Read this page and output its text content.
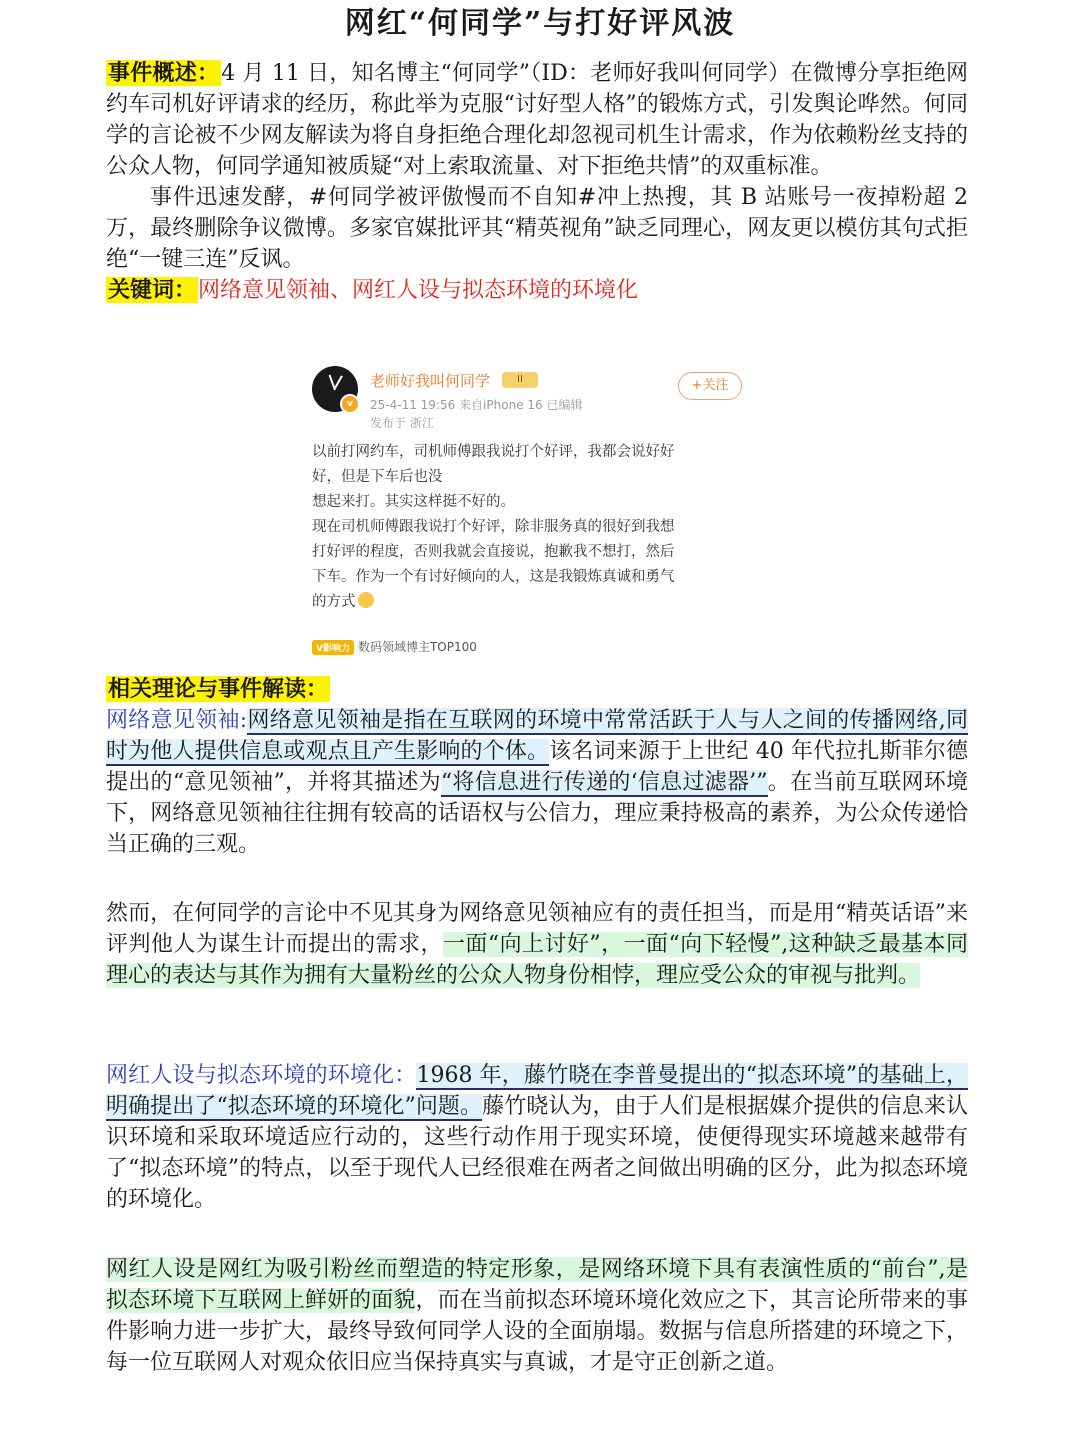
网红“何同学”与打好评风波

事件概述：4 月 11 日，知名博主“何同学”（ID：老师好我叫何同学）在微博分享拒绝网约车司机好评请求的经历，称此举为克服“讨好型人格”的锻炼方式，引发舆论哗然。何同学的言论被不少网友解读为将自身拒绝合理化却忽视司机生计需求，作为依赖粉丝支持的公众人物，何同学通知被质疑“对上索取流量、对下拒绝共情”的双重标准。

事件迅速发酵，#何同学被评傲慢而不自知#冲上热搜，其 B 站账号一夜掉粉超 2 万，最终删除争议微博。多家官媒批评其“精英视角”缺乏同理心，网友更以模仿其句式拒绝“一键三连”反讽。

关键词：网络意见领袖、网红人设与拟态环境的环境化

v
老师好我叫何同学	II	+关注
25-4-11 19:56 来自iPhone 16 已编辑
发布于 浙江
以前打网约车，司机师傅跟我说打个好评，我都会说好好
好，但是下车后也没
想起来打。其实这样挺不好的。
现在司机师傅跟我说打个好评，除非服务真的很好到我想
打好评的程度，否则我就会直接说，抱歉我不想打，然后
下车。作为一个有讨好倾向的人，这是我锻炼真诚和勇气
的方式
V影响力 数码领域博主TOP100

相关理论与事件解读：

网络意见领袖:网络意见领袖是指在互联网的环境中常常活跃于人与人之间的传播网络,同时为他人提供信息或观点且产生影响的个体。该名词来源于上世纪 40 年代拉扎斯菲尔德提出的“意见领袖”，并将其描述为“将信息进行传递的‘信息过滤器’”。在当前互联网环境下，网络意见领袖往往拥有较高的话语权与公信力，理应秉持极高的素养，为公众传递恰当正确的三观。

然而，在何同学的言论中不见其身为网络意见领袖应有的责任担当，而是用“精英话语”来评判他人为谋生计而提出的需求，一面“向上讨好”，一面“向下轻慢”,这种缺乏最基本同理心的表达与其作为拥有大量粉丝的公众人物身份相悖，理应受公众的审视与批判。

网红人设与拟态环境的环境化：1968 年，藤竹晓在李普曼提出的“拟态环境”的基础上，明确提出了“拟态环境的环境化”问题。藤竹晓认为，由于人们是根据媒介提供的信息来认识环境和采取环境适应行动的，这些行动作用于现实环境，使便得现实环境越来越带有了“拟态环境”的特点，以至于现代人已经很难在两者之间做出明确的区分，此为拟态环境的环境化。

网红人设是网红为吸引粉丝而塑造的特定形象，是网络环境下具有表演性质的“前台”,是拟态环境下互联网上鲜妍的面貌，而在当前拟态环境环境化效应之下，其言论所带来的事件影响力进一步扩大，最终导致何同学人设的全面崩塌。数据与信息所搭建的环境之下，每一位互联网人对观众依旧应当保持真实与真诚，才是守正创新之道。
